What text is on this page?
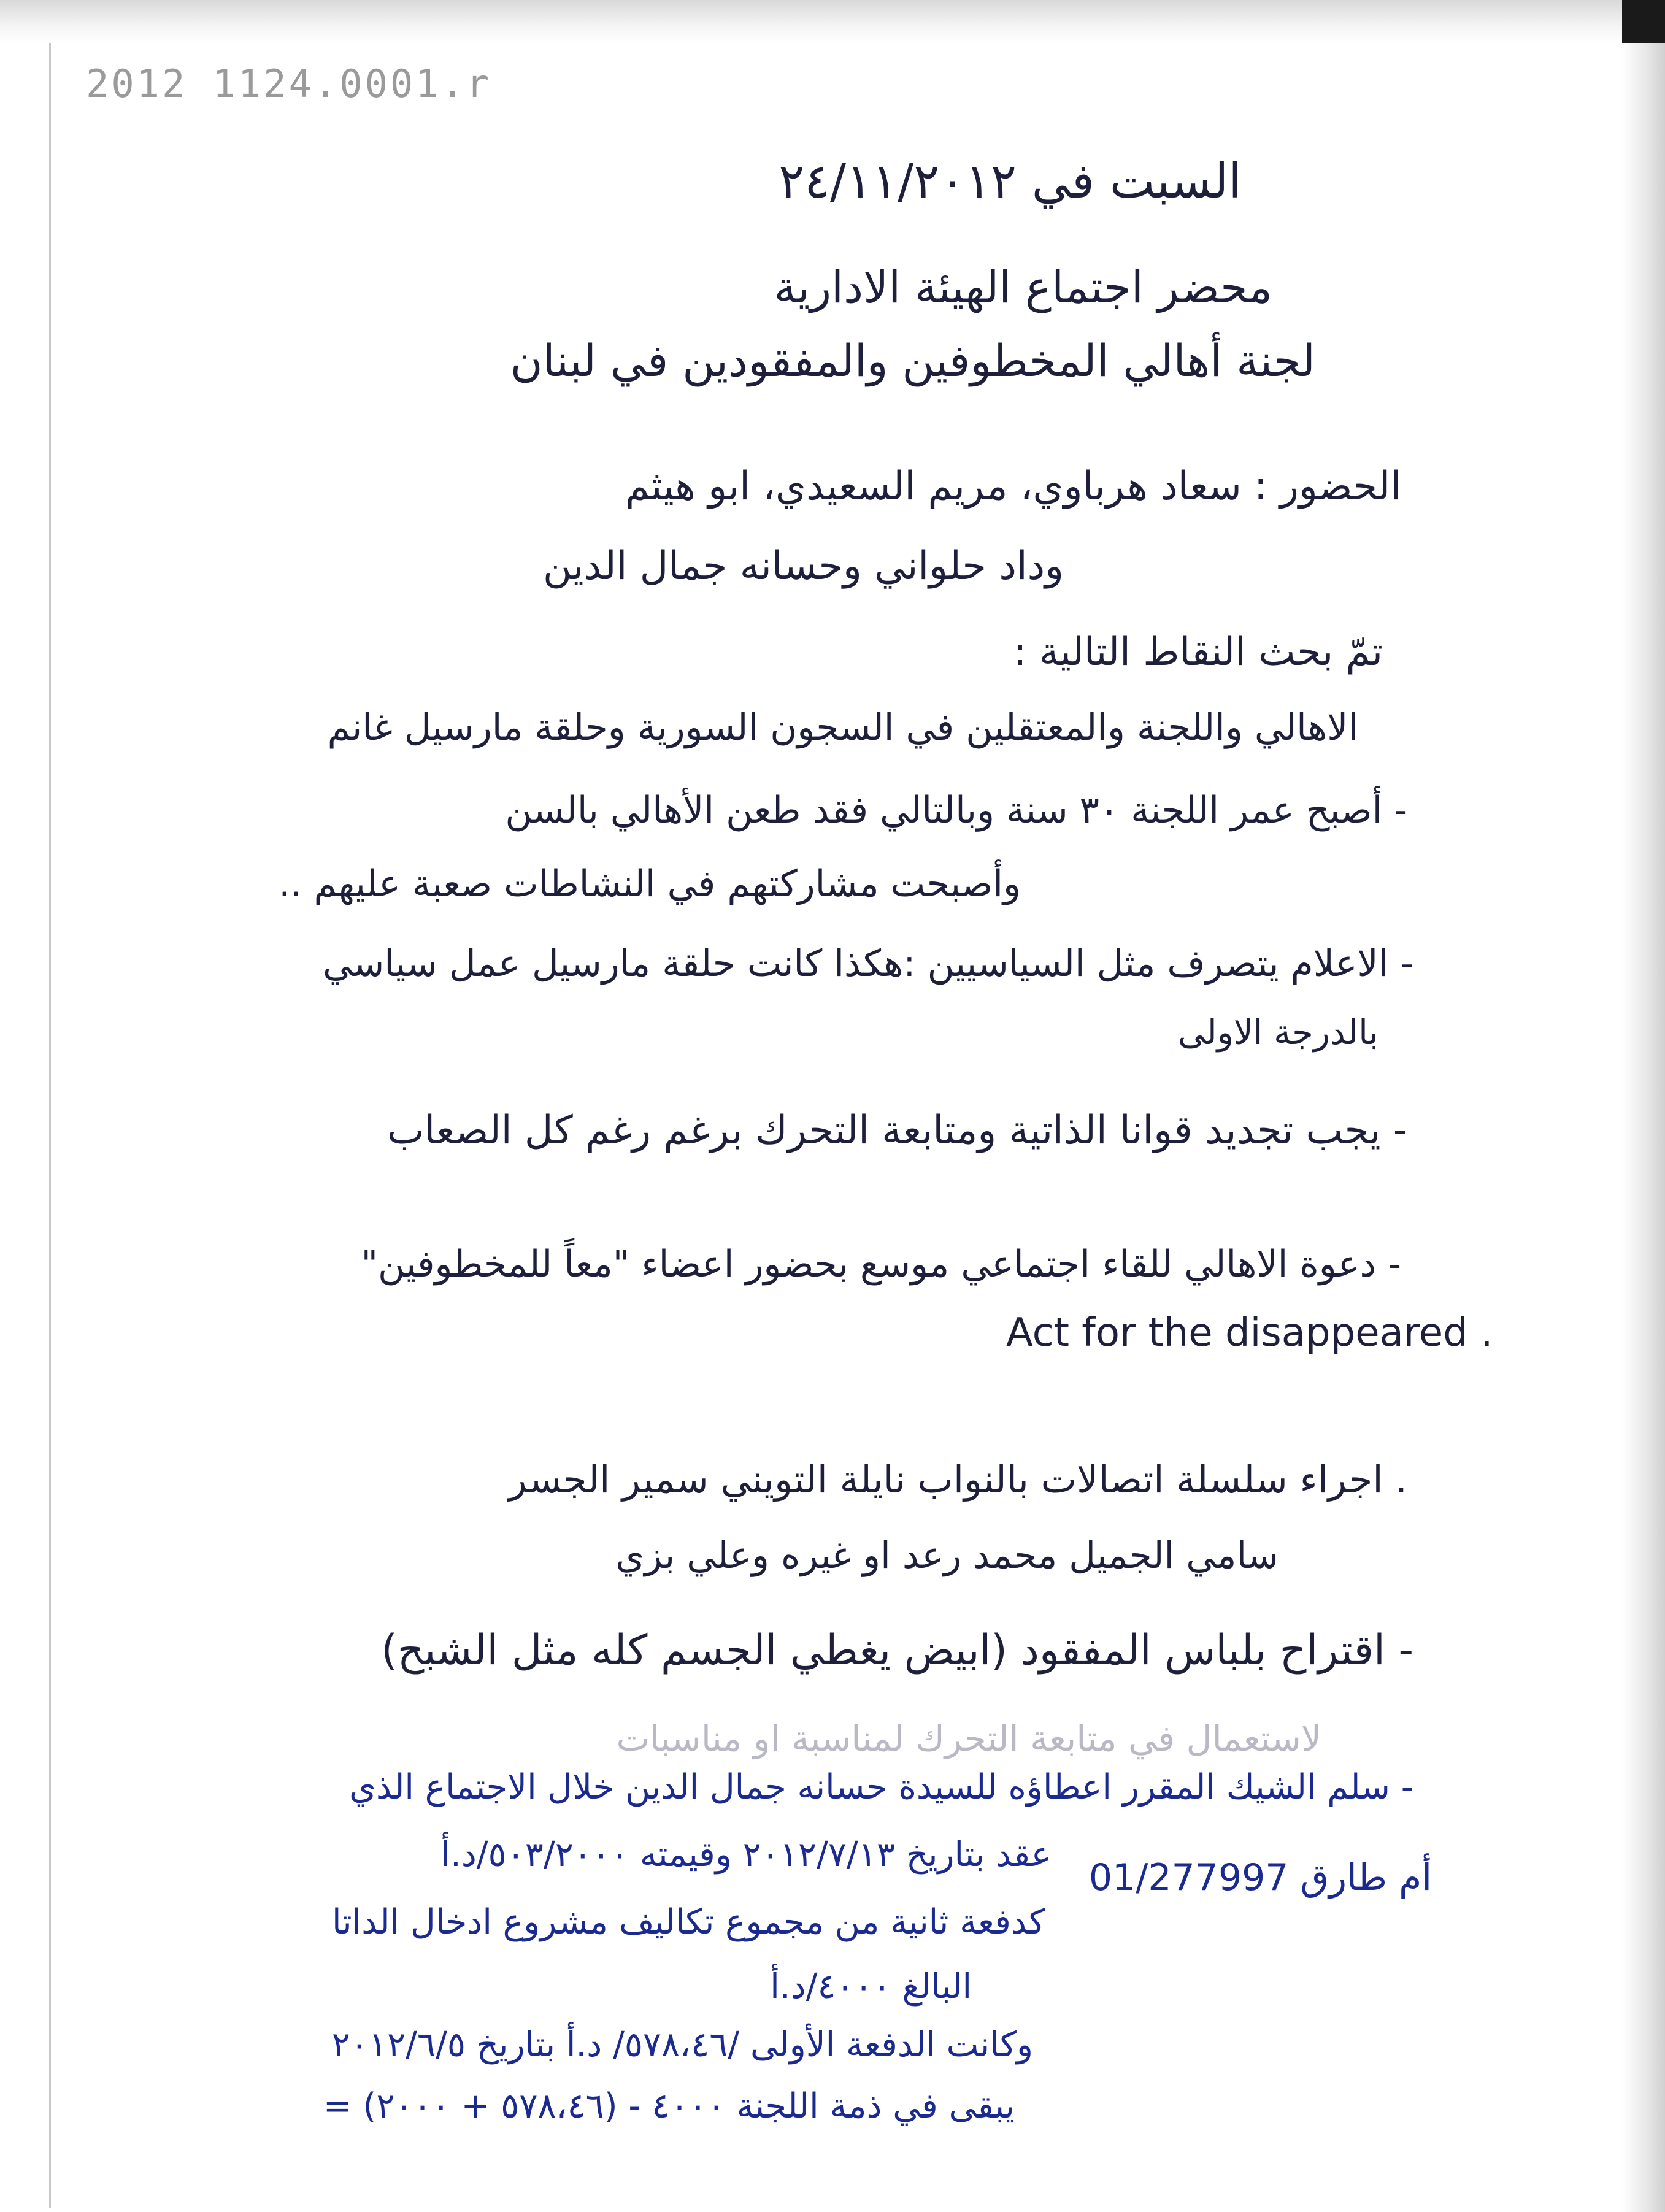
2012 1124.0001.r
السبت في ٢٤/١١/٢٠١٢
محضر اجتماع الهيئة الادارية
لجنة أهالي المخطوفين والمفقودين في لبنان
الحضور : سعاد هرباوي، مريم السعيدي، ابو هيثم
وداد حلواني وحسانه جمال الدين
تمّ بحث النقاط التالية :
الاهالي واللجنة والمعتقلين في السجون السورية وحلقة مارسيل غانم
- أصبح عمر اللجنة ٣٠ سنة وبالتالي فقد طعن الأهالي بالسن
وأصبحت مشاركتهم في النشاطات صعبة عليهم ..
- الاعلام يتصرف مثل السياسيين :هكذا كانت حلقة مارسيل عمل سياسي
بالدرجة الاولى
- يجب تجديد قوانا الذاتية ومتابعة التحرك برغم رغم كل الصعاب
- دعوة الاهالي للقاء اجتماعي موسع بحضور اعضاء "معاً للمخطوفين"
Act for the disappeared .
. اجراء سلسلة اتصالات بالنواب نايلة التويني سمير الجسر
سامي الجميل محمد رعد او غيره وعلي بزي
- اقتراح بلباس المفقود (ابيض يغطي الجسم كله مثل الشبح)
لاستعمال في متابعة التحرك لمناسبة او مناسبات
- سلم الشيك المقرر اعطاؤه للسيدة حسانه جمال الدين خلال الاجتماع الذي
عقد بتاريخ ٢٠١٢/٧/١٣ وقيمته ٥٠٣/٢٠٠٠/د.أ
أم طارق 01/277997
كدفعة ثانية من مجموع تكاليف مشروع ادخال الداتا
البالغ ٤٠٠٠/د.أ
وكانت الدفعة الأولى /٥٧٨،٤٦/ د.أ بتاريخ ٢٠١٢/٦/٥
يبقى في ذمة اللجنة ٤٠٠٠ - (٥٧٨،٤٦ + ٢٠٠٠) =
